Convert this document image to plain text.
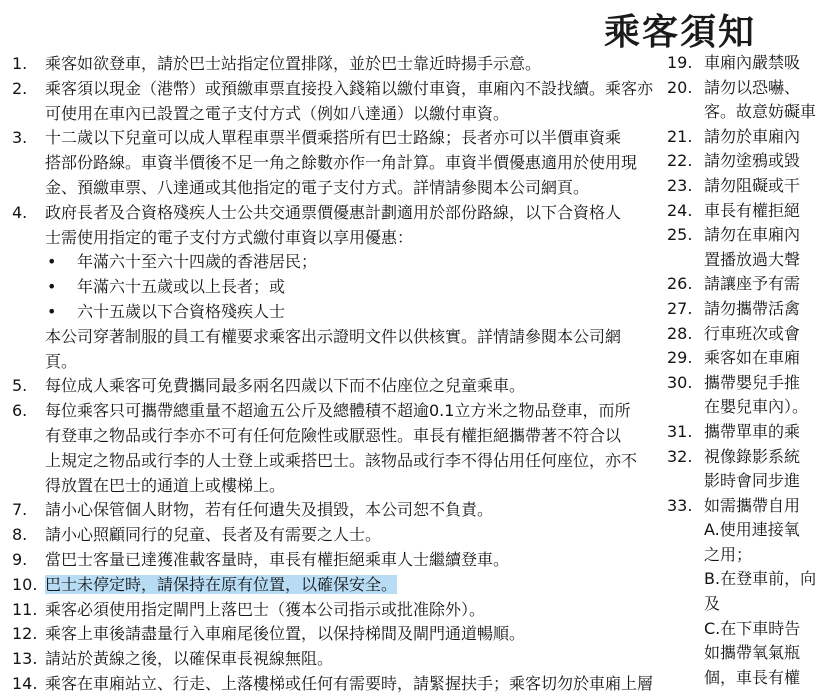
乘客須知
1.	乘客如欲登車，請於巴士站指定位置排隊，並於巴士靠近時揚手示意。
2.	乘客須以現金（港幣）或預繳車票直接投入錢箱以繳付車資，車廂內不設找續。乘客亦
可使用在車內已設置之電子支付方式（例如八達通）以繳付車資。
3.	十二歲以下兒童可以成人單程車票半價乘搭所有巴士路線；長者亦可以半價車資乘
搭部份路線。車資半價後不足一角之餘數亦作一角計算。車資半價優惠適用於使用現
金、預繳車票、八達通或其他指定的電子支付方式。詳情請參閱本公司網頁。
4.	政府長者及合資格殘疾人士公共交通票價優惠計劃適用於部份路線，以下合資格人
士需使用指定的電子支付方式繳付車資以享用優惠：
• 年滿六十至六十四歲的香港居民；
• 年滿六十五歲或以上長者；或
• 六十五歲以下合資格殘疾人士
本公司穿著制服的員工有權要求乘客出示證明文件以供核實。詳情請參閱本公司網
頁。
5.	每位成人乘客可免費攜同最多兩名四歲以下而不佔座位之兒童乘車。
6.	每位乘客只可攜帶總重量不超逾五公斤及總體積不超逾0.1立方米之物品登車，而所
有登車之物品或行李亦不可有任何危險性或厭惡性。車長有權拒絕攜帶著不符合以
上規定之物品或行李的人士登上或乘搭巴士。該物品或行李不得佔用任何座位，亦不
得放置在巴士的通道上或樓梯上。
7.	請小心保管個人財物，若有任何遺失及損毀，本公司恕不負責。
8.	請小心照顧同行的兒童、長者及有需要之人士。
9.	當巴士客量已達獲准載客量時，車長有權拒絕乘車人士繼續登車。
10. 巴士未停定時，請保持在原有位置，以確保安全。
11. 乘客必須使用指定閘門上落巴士（獲本公司指示或批准除外）。
12. 乘客上車後請盡量行入車廂尾後位置，以保持梯間及閘門通道暢順。
13. 請站於黃線之後，以確保車長視線無阻。
14. 乘客在車廂站立、行走、上落樓梯或任何有需要時，請緊握扶手；乘客切勿於車廂上層
19. 車廂內嚴禁吸
20. 請勿以恐嚇、
客。故意妨礙車
21. 請勿於車廂內
22. 請勿塗鴉或毀
23. 請勿阻礙或干
24. 車長有權拒絕
25. 請勿在車廂內
置播放過大聲
26. 請讓座予有需
27. 請勿攜帶活禽
28. 行車班次或會
29. 乘客如在車廂
30. 攜帶嬰兒手推
在嬰兒車內）。
31. 攜帶單車的乘
32. 視像錄影系統
影時會同步進
33. 如需攜帶自用
A.使用連接氧
之用；
B.在登車前，向
及
C.在下車時告
如攜帶氧氣瓶
個，車長有權
